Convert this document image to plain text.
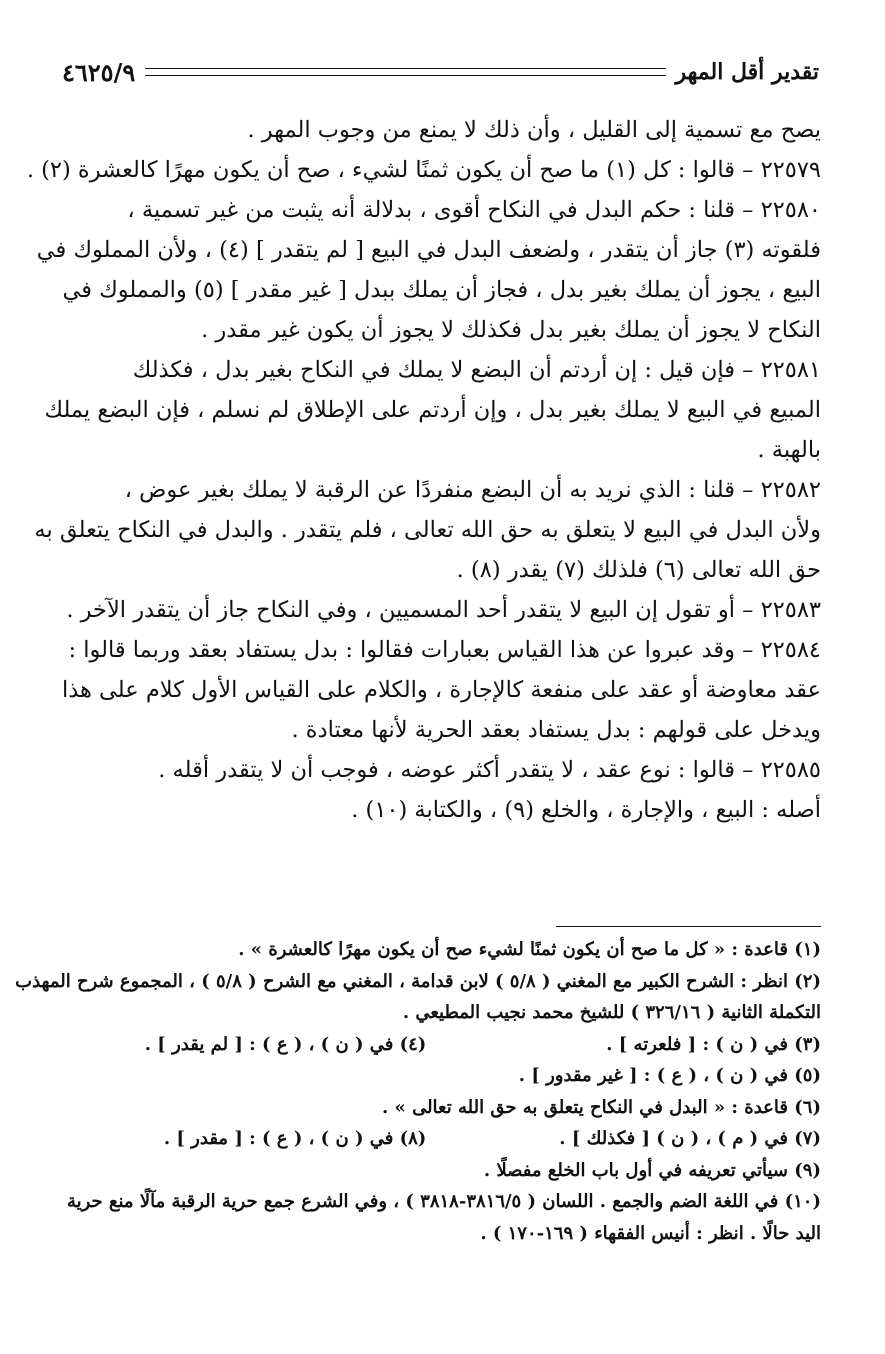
تقدير أقل المهر
٤٦٢٥/٩
يصح مع تسمية إلى القليل ، وأن ذلك لا يمنع من وجوب المهر .
٢٢٥٧٩ – قالوا : كل (١) ما صح أن يكون ثمنًا لشيء ، صح أن يكون مهرًا كالعشرة (٢) .
٢٢٥٨٠ – قلنا : حكم البدل في النكاح أقوى ، بدلالة أنه يثبت من غير تسمية ،
فلقوته (٣) جاز أن يتقدر ، ولضعف البدل في البيع [ لم يتقدر ] (٤) ، ولأن المملوك في
البيع ، يجوز أن يملك بغير بدل ، فجاز أن يملك ببدل [ غير مقدر ] (٥) والمملوك في
النكاح لا يجوز أن يملك بغير بدل فكذلك لا يجوز أن يكون غير مقدر .
٢٢٥٨١ – فإن قيل : إن أردتم أن البضع لا يملك في النكاح بغير بدل ، فكذلك
المبيع في البيع لا يملك بغير بدل ، وإن أردتم على الإطلاق لم نسلم ، فإن البضع يملك
بالهبة .
٢٢٥٨٢ – قلنا : الذي نريد به أن البضع منفردًا عن الرقبة لا يملك بغير عوض ،
ولأن البدل في البيع لا يتعلق به حق الله تعالى ، فلم يتقدر . والبدل في النكاح يتعلق به
حق الله تعالى (٦) فلذلك (٧) يقدر (٨) .
٢٢٥٨٣ – أو تقول إن البيع لا يتقدر أحد المسميين ، وفي النكاح جاز أن يتقدر الآخر .
٢٢٥٨٤ – وقد عبروا عن هذا القياس بعبارات فقالوا : بدل يستفاد بعقد وربما قالوا :
عقد معاوضة أو عقد على منفعة كالإجارة ، والكلام على القياس الأول كلام على هذا
ويدخل على قولهم : بدل يستفاد بعقد الحرية لأنها معتادة .
٢٢٥٨٥ – قالوا : نوع عقد ، لا يتقدر أكثر عوضه ، فوجب أن لا يتقدر أقله .
أصله : البيع ، والإجارة ، والخلع (٩) ، والكتابة (١٠) .
(١) قاعدة : « كل ما صح أن يكون ثمنًا لشيء صح أن يكون مهرًا كالعشرة » .
(٢) انظر : الشرح الكبير مع المغني ( ٥/٨ ) لابن قدامة ، المغني مع الشرح ( ٥/٨ ) ، المجموع شرح المهذب
التكملة الثانية ( ٣٢٦/١٦ ) للشيخ محمد نجيب المطيعي .
(٣) في ( ن ) : [ فلعرته ] .
(٤) في ( ن ) ، ( ع ) : [ لم يقدر ] .
(٥) في ( ن ) ، ( ع ) : [ غير مقدور ] .
(٦) قاعدة : « البدل في النكاح يتعلق به حق الله تعالى » .
(٧) في ( م ) ، ( ن ) [ فكذلك ] .
(٨) في ( ن ) ، ( ع ) : [ مقدر ] .
(٩) سيأتي تعريفه في أول باب الخلع مفصلًا .
(١٠) في اللغة الضم والجمع . اللسان ( ٣٨١٦/٥-٣٨١٨ ) ، وفي الشرع جمع حرية الرقبة مآلًا منع حرية
اليد حالًا . انظر : أنيس الفقهاء ( ١٦٩-١٧٠ ) .
